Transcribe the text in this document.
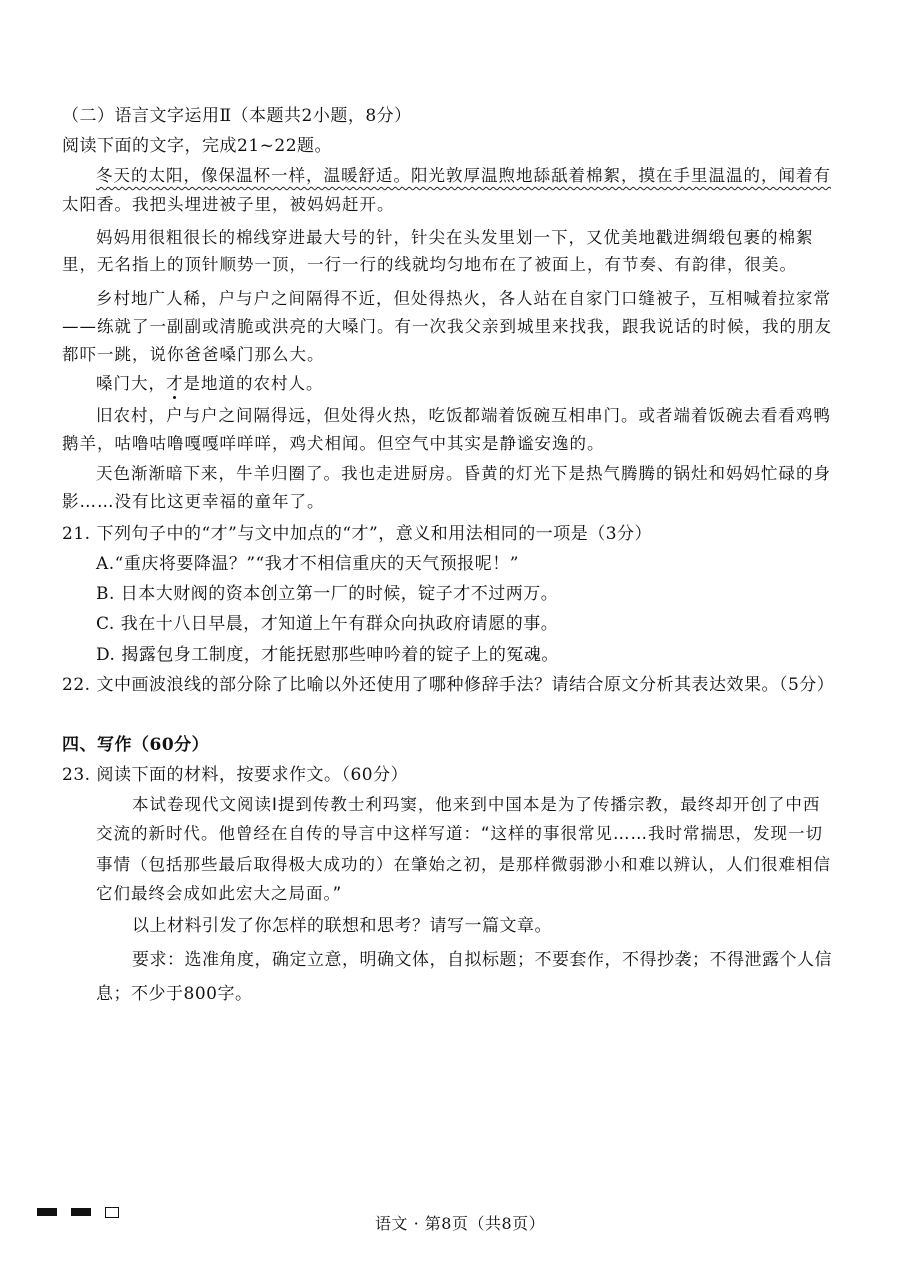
（二）语言文字运用Ⅱ（本题共2小题，8分）
阅读下面的文字，完成21~22题。
冬天的太阳，像保温杯一样，温暖舒适。阳光敦厚温煦地舔舐着棉絮，摸在手里温温的，闻着有
太阳香。我把头埋进被子里，被妈妈赶开。
妈妈用很粗很长的棉线穿进最大号的针，针尖在头发里划一下，又优美地戳进绸缎包裹的棉絮
里，无名指上的顶针顺势一顶，一行一行的线就均匀地布在了被面上，有节奏、有韵律，很美。
乡村地广人稀，户与户之间隔得不近，但处得热火，各人站在自家门口缝被子，互相喊着拉家常
——练就了一副副或清脆或洪亮的大嗓门。有一次我父亲到城里来找我，跟我说话的时候，我的朋友
都吓一跳，说你爸爸嗓门那么大。
嗓门大，才是地道的农村人。
旧农村，户与户之间隔得远，但处得火热，吃饭都端着饭碗互相串门。或者端着饭碗去看看鸡鸭
鹅羊，咕噜咕噜嘎嘎咩咩咩，鸡犬相闻。但空气中其实是静谧安逸的。
天色渐渐暗下来，牛羊归圈了。我也走进厨房。昏黄的灯光下是热气腾腾的锅灶和妈妈忙碌的身
影……没有比这更幸福的童年了。
21. 下列句子中的“才”与文中加点的“才”，意义和用法相同的一项是（3分）
A.“重庆将要降温？”“我才不相信重庆的天气预报呢！”
B. 日本大财阀的资本创立第一厂的时候，锭子才不过两万。
C. 我在十八日早晨，才知道上午有群众向执政府请愿的事。
D. 揭露包身工制度，才能抚慰那些呻吟着的锭子上的冤魂。
22. 文中画波浪线的部分除了比喻以外还使用了哪种修辞手法？请结合原文分析其表达效果。（5分）
四、写作（60分）
23. 阅读下面的材料，按要求作文。（60分）
本试卷现代文阅读Ⅰ提到传教士利玛窦，他来到中国本是为了传播宗教，最终却开创了中西
交流的新时代。他曾经在自传的导言中这样写道：“这样的事很常见……我时常揣思，发现一切
事情（包括那些最后取得极大成功的）在肇始之初，是那样微弱渺小和难以辨认，人们很难相信
它们最终会成如此宏大之局面。”
以上材料引发了你怎样的联想和思考？请写一篇文章。
要求：选准角度，确定立意，明确文体，自拟标题；不要套作，不得抄袭；不得泄露个人信
息；不少于800字。
语文 · 第8页（共8页）
